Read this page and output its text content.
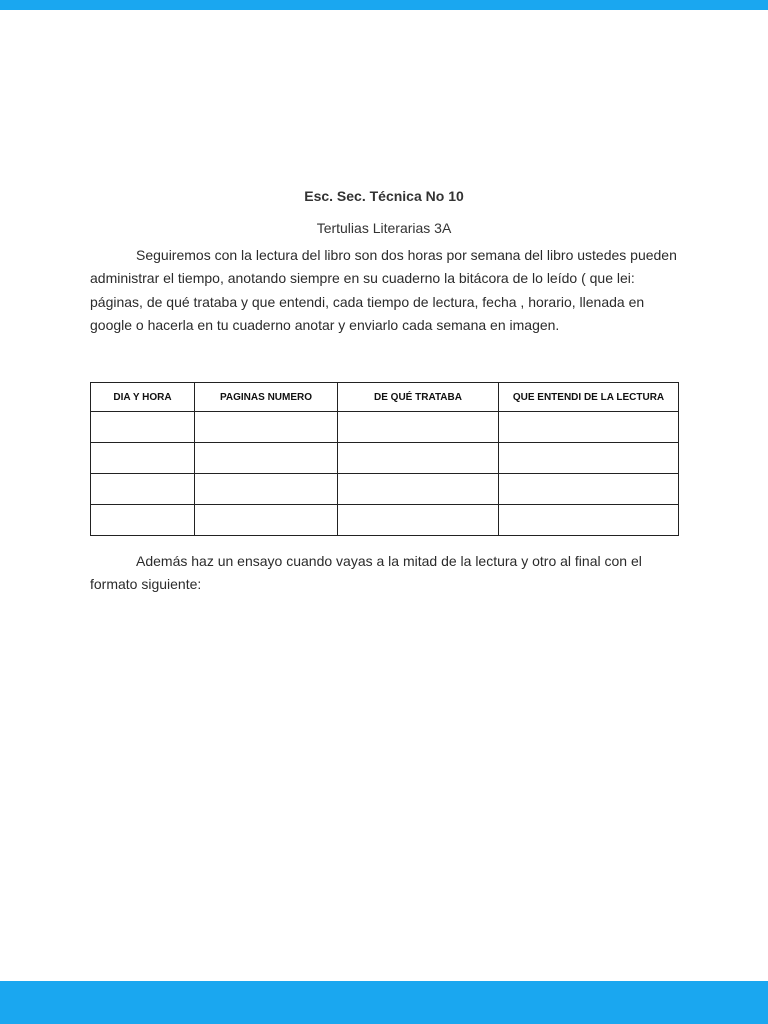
Esc. Sec. Técnica No 10

Tertulias Literarias 3A

Seguiremos con la lectura del libro son dos horas por semana del libro ustedes pueden administrar el tiempo, anotando siempre en su cuaderno la bitácora de lo leído ( que lei: páginas, de qué trataba y que entendi, cada tiempo de lectura, fecha , horario, llenada en google o hacerla en tu cuaderno anotar y enviarlo cada semana en imagen.

DIA Y HORA	PAGINAS NUMERO	DE QUÉ TRATABA	QUE ENTENDI DE LA LECTURA

Además haz un ensayo cuando vayas a la mitad de la lectura y otro al final con el formato siguiente:
